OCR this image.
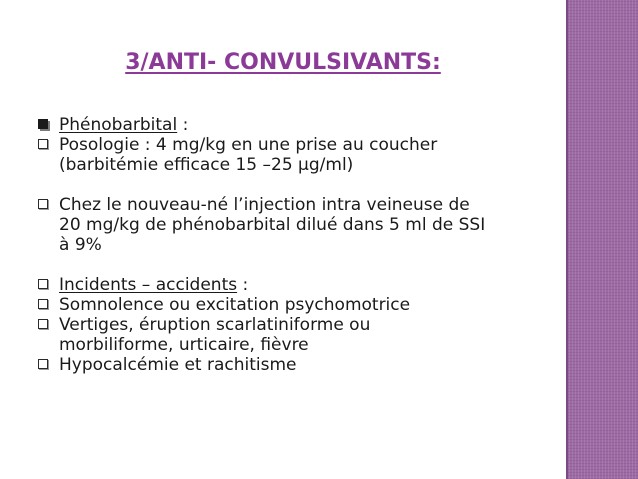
3/ANTI- CONVULSIVANTS:
Phénobarbital :
Posologie : 4 mg/kg en une prise au coucher
(barbitémie efficace 15 –25 μg/ml)
Chez le nouveau-né l’injection intra veineuse de
20 mg/kg de phénobarbital dilué dans 5 ml de SSI
à 9%
Incidents – accidents :
Somnolence ou excitation psychomotrice
Vertiges, éruption scarlatiniforme ou
morbiliforme, urticaire, fièvre
Hypocalcémie et rachitisme
